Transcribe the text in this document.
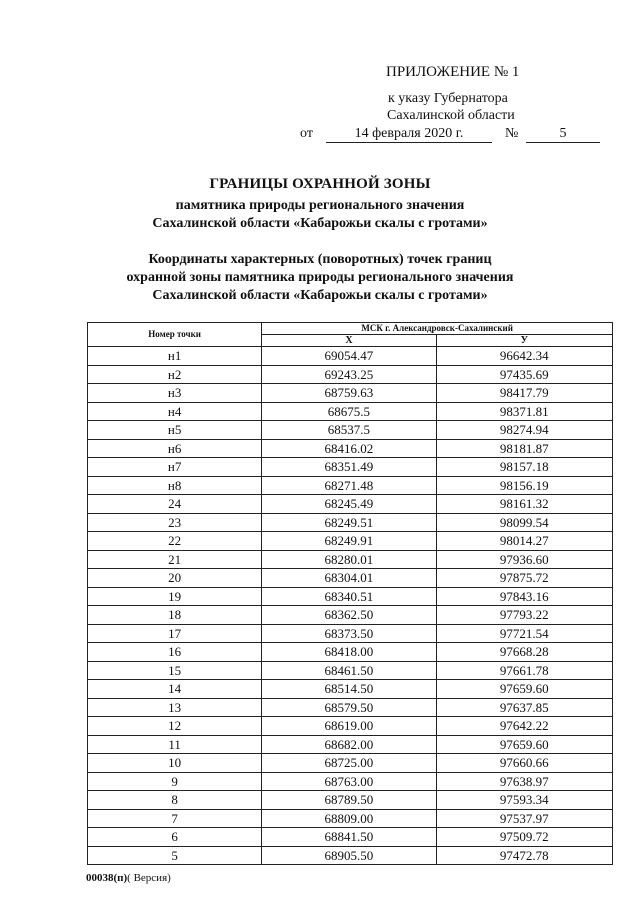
ПРИЛОЖЕНИЕ № 1
к указу Губернатора
Сахалинской области
от	14 февраля 2020 г.	№	5
ГРАНИЦЫ ОХРАННОЙ ЗОНЫ
памятника природы регионального значения
Сахалинской области «Кабарожьи скалы с гротами»
Координаты характерных (поворотных) точек границ
охранной зоны памятника природы регионального значения
Сахалинской области «Кабарожьи скалы с гротами»
Номер точки	МСК г. Александровск-Сахалинский	
	X	У
н1	69054.47	96642.34
н2	69243.25	97435.69
н3	68759.63	98417.79
н4	68675.5	98371.81
н5	68537.5	98274.94
н6	68416.02	98181.87
н7	68351.49	98157.18
н8	68271.48	98156.19
24	68245.49	98161.32
23	68249.51	98099.54
22	68249.91	98014.27
21	68280.01	97936.60
20	68304.01	97875.72
19	68340.51	97843.16
18	68362.50	97793.22
17	68373.50	97721.54
16	68418.00	97668.28
15	68461.50	97661.78
14	68514.50	97659.60
13	68579.50	97637.85
12	68619.00	97642.22
11	68682.00	97659.60
10	68725.00	97660.66
9	68763.00	97638.97
8	68789.50	97593.34
7	68809.00	97537.97
6	68841.50	97509.72
5	68905.50	97472.78
00038(п)( Версия)
